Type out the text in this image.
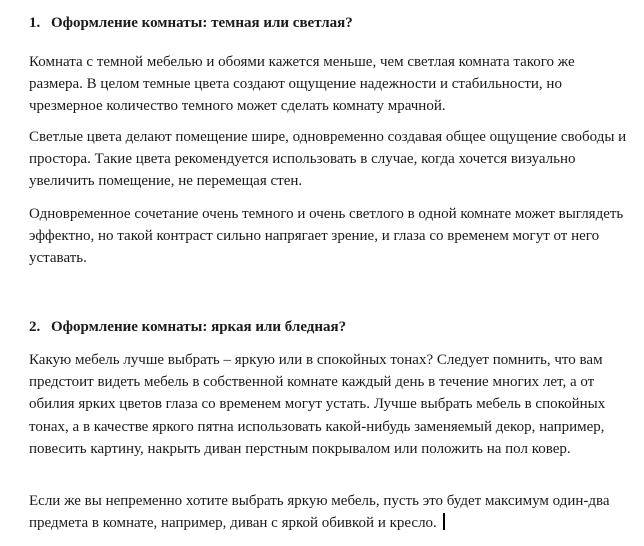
1. Оформление комнаты: темная или светлая?

Комната с темной мебелью и обоями кажется меньше, чем светлая комната такого же размера. В целом темные цвета создают ощущение надежности и стабильности, но чрезмерное количество темного может сделать комнату мрачной.

Светлые цвета делают помещение шире, одновременно создавая общее ощущение свободы и простора. Такие цвета рекомендуется использовать в случае, когда хочется визуально увеличить помещение, не перемещая стен.

Одновременное сочетание очень темного и очень светлого в одной комнате может выглядеть эффектно, но такой контраст сильно напрягает зрение, и глаза со временем могут от него уставать.

2. Оформление комнаты: яркая или бледная?

Какую мебель лучше выбрать – яркую или в спокойных тонах? Следует помнить, что вам предстоит видеть мебель в собственной комнате каждый день в течение многих лет, а от обилия ярких цветов глаза со временем могут устать. Лучше выбрать мебель в спокойных тонах, а в качестве яркого пятна использовать какой-нибудь заменяемый декор, например, повесить картину, накрыть диван перстным покрывалом или положить на пол ковер.

Если же вы непременно хотите выбрать яркую мебель, пусть это будет максимум один-два предмета в комнате, например, диван с яркой обивкой и кресло.
